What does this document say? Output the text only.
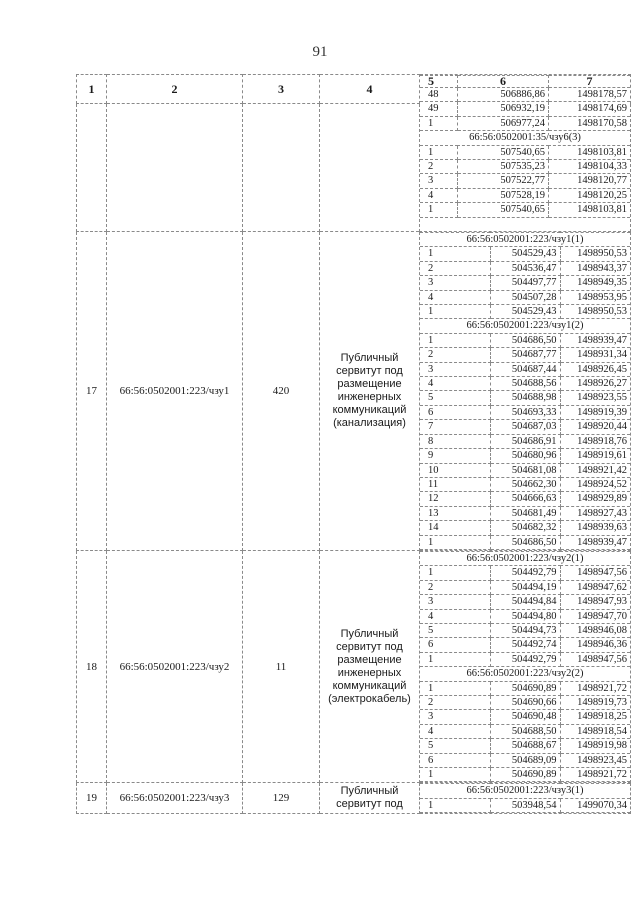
91
1	2	3	4	
5	6	7
48	506886,86	1498178,57
49	506932,19	1498174,69
1	506977,24	1498170,58
66:56:0502001:35/чзу6(3)
1	507540,65	1498103,81
2	507535,23	1498104,33
3	507522,77	1498120,77
4	507528,19	1498120,25
1	507540,65	1498103,81

17	66:56:0502001:223/чзу1	420	Публичный сервитут под размещение инженерных коммуникаций (канализация)	
66:56:0502001:223/чзу1(1)
1	504529,43	1498950,53
2	504536,47	1498943,37
3	504497,77	1498949,35
4	504507,28	1498953,95
1	504529,43	1498950,53
66:56:0502001:223/чзу1(2)
1	504686,50	1498939,47
2	504687,77	1498931,34
3	504687,44	1498926,45
4	504688,56	1498926,27
5	504688,98	1498923,55
6	504693,33	1498919,39
7	504687,03	1498920,44
8	504686,91	1498918,76
9	504680,96	1498919,61
10	504681,08	1498921,42
11	504662,30	1498924,52
12	504666,63	1498929,89
13	504681,49	1498927,43
14	504682,32	1498939,63
1	504686,50	1498939,47

18	66:56:0502001:223/чзу2	11	Публичный сервитут под размещение инженерных коммуникаций (электрокабель)	
66:56:0502001:223/чзу2(1)
1	504492,79	1498947,56
2	504494,19	1498947,62
3	504494,84	1498947,93
4	504494,80	1498947,70
5	504494,73	1498946,08
6	504492,74	1498946,36
1	504492,79	1498947,56
66:56:0502001:223/чзу2(2)
1	504690,89	1498921,72
2	504690,66	1498919,73
3	504690,48	1498918,25
4	504688,50	1498918,54
5	504688,67	1498919,98
6	504689,09	1498923,45
1	504690,89	1498921,72

19	66:56:0502001:223/чзу3	129	Публичный сервитут под	
66:56:0502001:223/чзу3(1)
1	503948,54	1499070,34
